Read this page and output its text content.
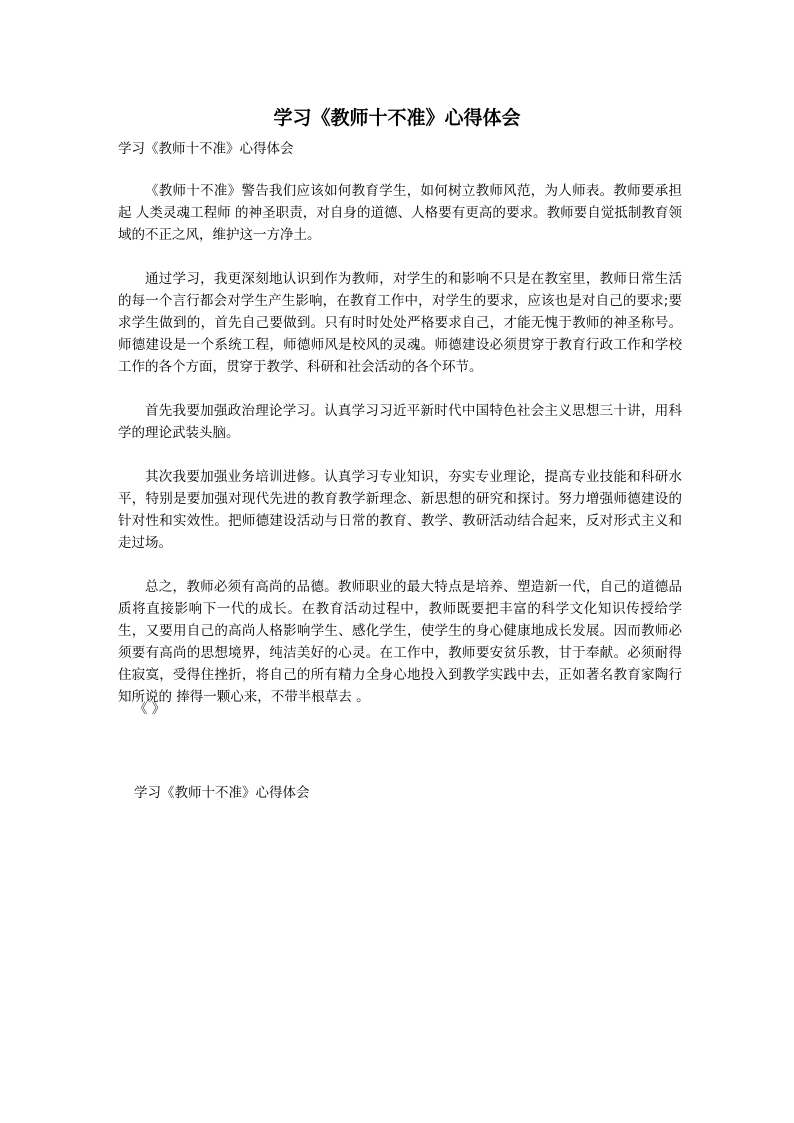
学习《教师十不准》心得体会
学习《教师十不准》心得体会

《教师十不准》警告我们应该如何教育学生，如何树立教师风范，为人师表。教师要承担起 人类灵魂工程师 的神圣职责，对自身的道德、人格要有更高的要求。教师要自觉抵制教育领域的不正之风，维护这一方净土。

通过学习，我更深刻地认识到作为教师，对学生的和影响不只是在教室里，教师日常生活的每一个言行都会对学生产生影响，在教育工作中，对学生的要求，应该也是对自己的要求;要求学生做到的，首先自己要做到。只有时时处处严格要求自己，才能无愧于教师的神圣称号。师德建设是一个系统工程，师德师风是校风的灵魂。师德建设必须贯穿于教育行政工作和学校工作的各个方面，贯穿于教学、科研和社会活动的各个环节。

首先我要加强政治理论学习。认真学习习近平新时代中国特色社会主义思想三十讲，用科学的理论武装头脑。

其次我要加强业务培训进修。认真学习专业知识，夯实专业理论，提高专业技能和科研水平，特别是要加强对现代先进的教育教学新理念、新思想的研究和探讨。努力增强师德建设的针对性和实效性。把师德建设活动与日常的教育、教学、教研活动结合起来，反对形式主义和走过场。

总之，教师必须有高尚的品德。教师职业的最大特点是培养、塑造新一代，自己的道德品质将直接影响下一代的成长。在教育活动过程中，教师既要把丰富的科学文化知识传授给学生，又要用自己的高尚人格影响学生、感化学生，使学生的身心健康地成长发展。因而教师必须要有高尚的思想境界，纯洁美好的心灵。在工作中，教师要安贫乐教，甘于奉献。必须耐得住寂寞，受得住挫折，将自己的所有精力全身心地投入到教学实践中去，正如著名教育家陶行知所说的 捧得一颗心来，不带半根草去 。

《 》
学习《教师十不准》心得体会
